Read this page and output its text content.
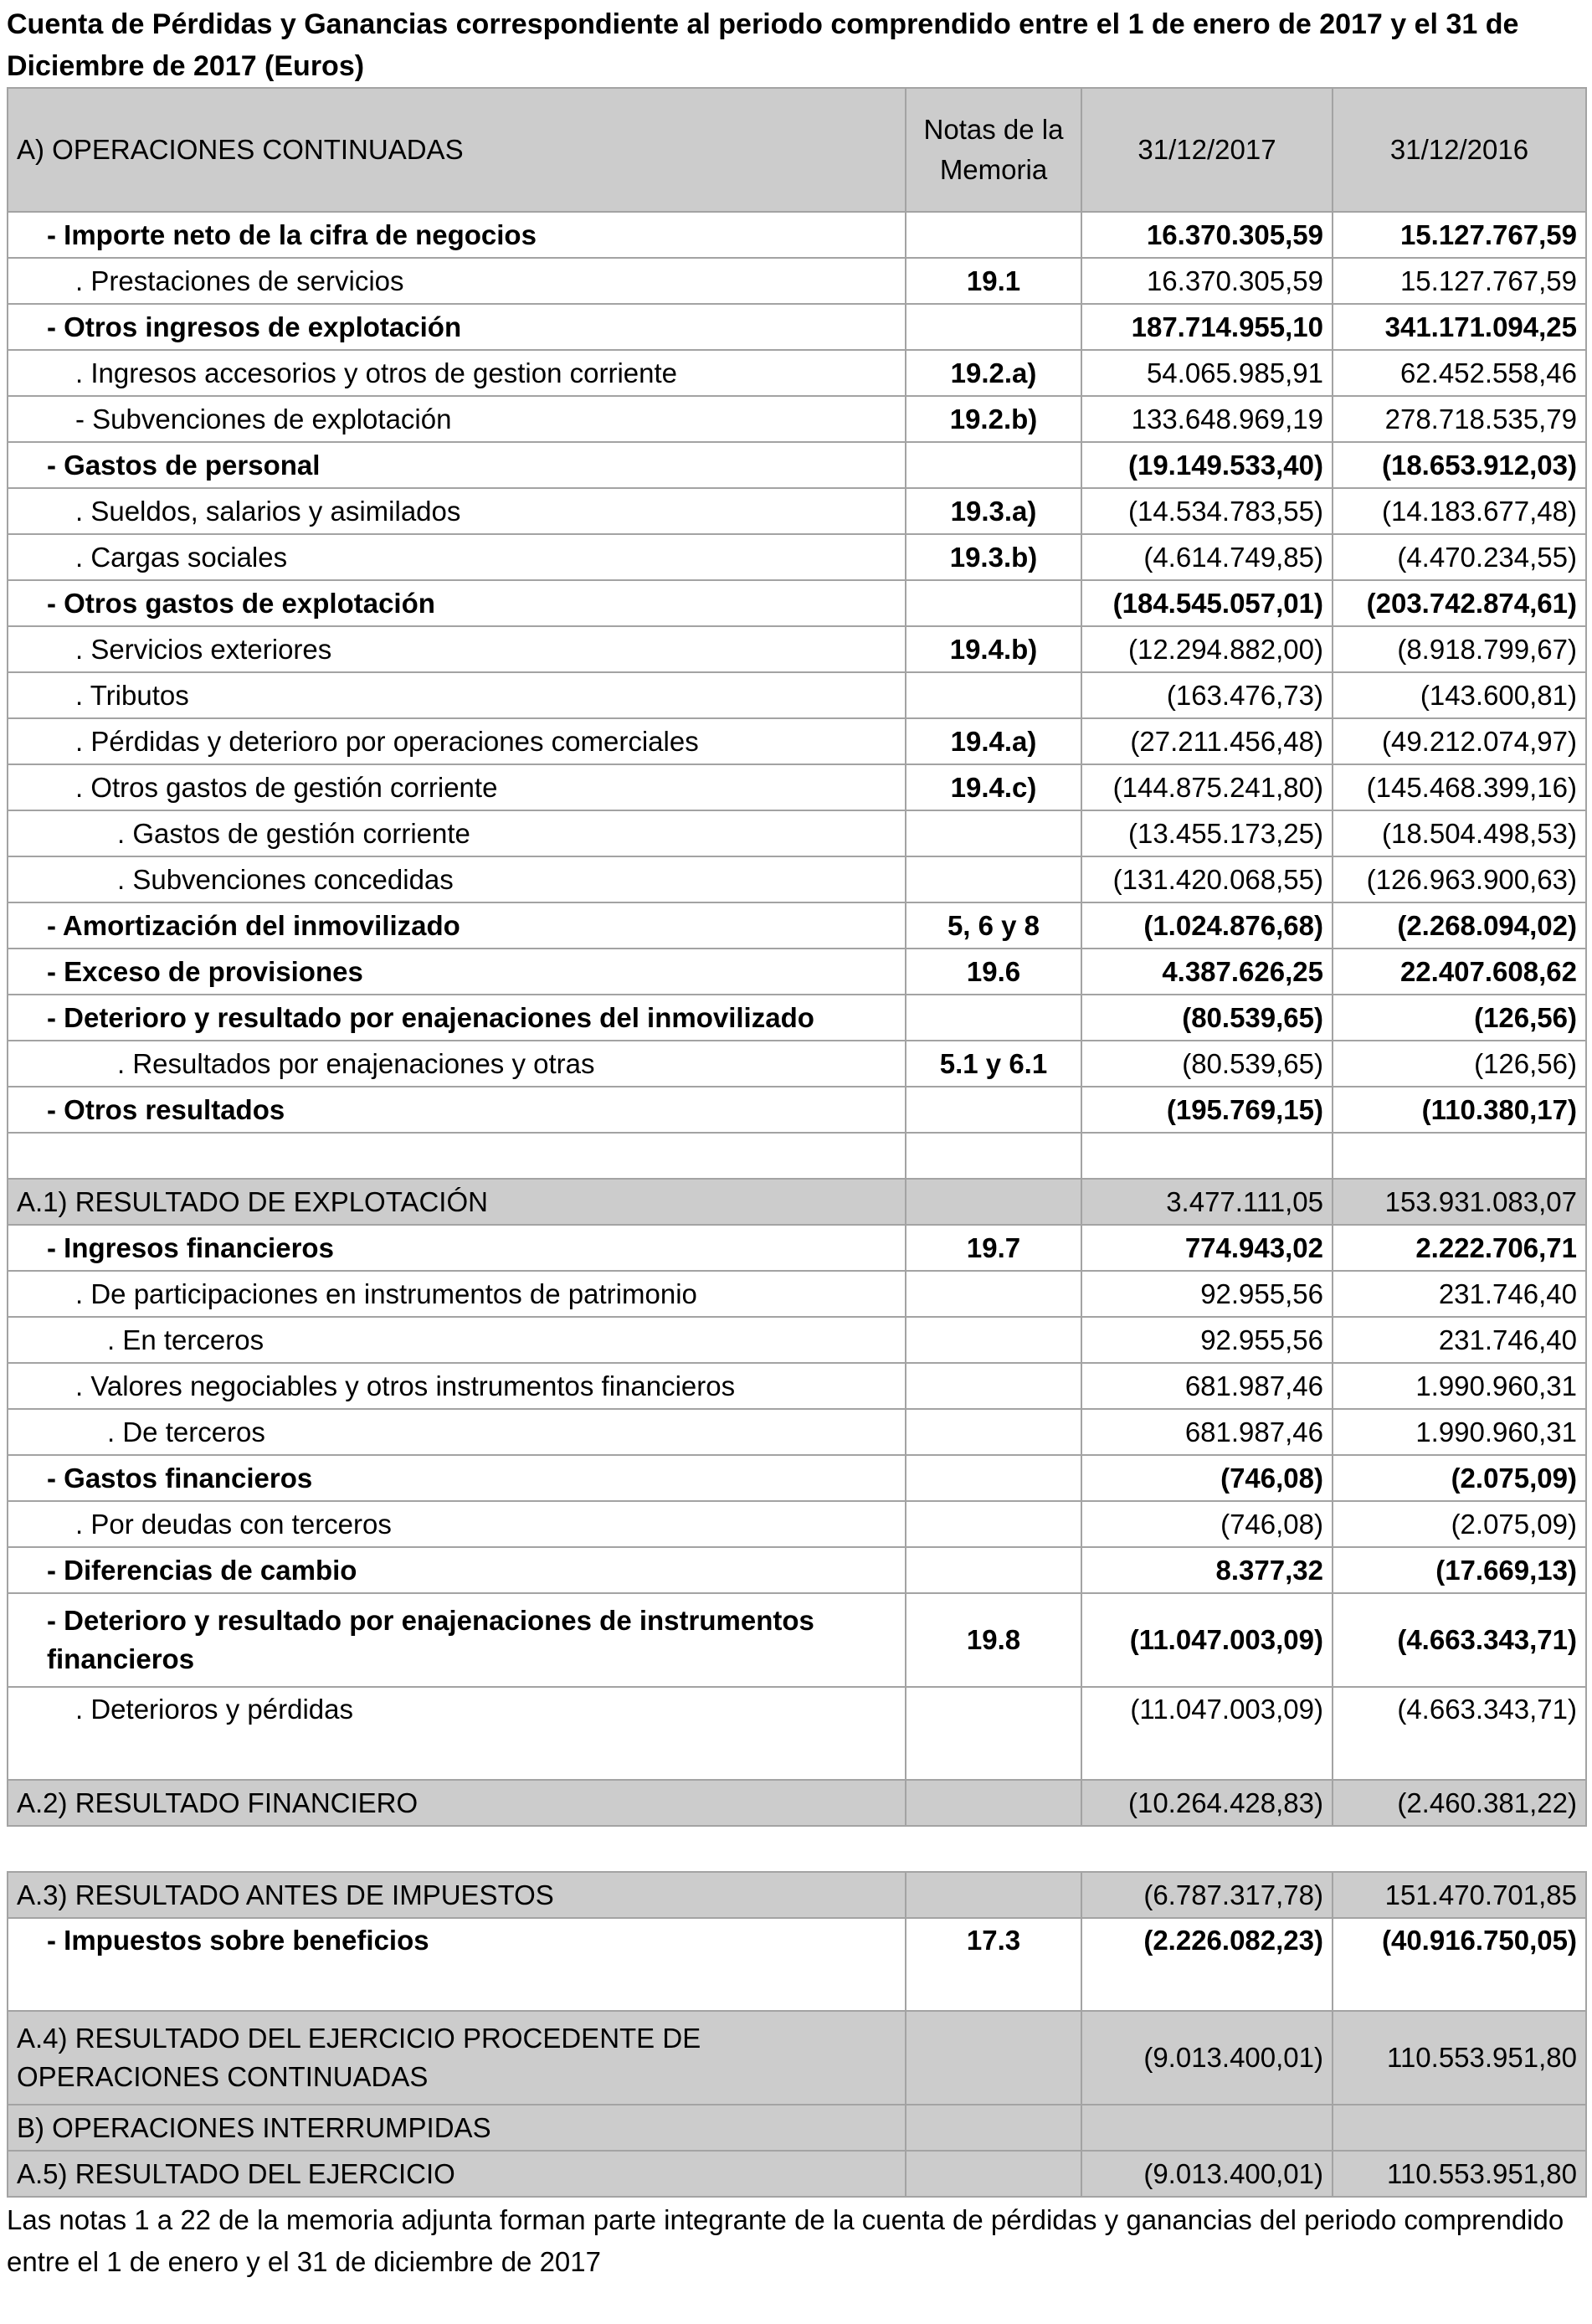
Cuenta de Pérdidas y Ganancias correspondiente al periodo comprendido entre el 1 de enero de 2017 y el 31 de Diciembre de 2017 (Euros)

A) OPERACIONES CONTINUADAS	Notas de la Memoria	31/12/2017	31/12/2016
- Importe neto de la cifra de negocios		16.370.305,59	15.127.767,59
. Prestaciones de servicios	19.1	16.370.305,59	15.127.767,59
- Otros ingresos de explotación		187.714.955,10	341.171.094,25
. Ingresos accesorios y otros de gestion corriente	19.2.a)	54.065.985,91	62.452.558,46
- Subvenciones de explotación	19.2.b)	133.648.969,19	278.718.535,79
- Gastos de personal		(19.149.533,40)	(18.653.912,03)
. Sueldos, salarios y asimilados	19.3.a)	(14.534.783,55)	(14.183.677,48)
. Cargas sociales	19.3.b)	(4.614.749,85)	(4.470.234,55)
- Otros gastos de explotación		(184.545.057,01)	(203.742.874,61)
. Servicios exteriores	19.4.b)	(12.294.882,00)	(8.918.799,67)
. Tributos		(163.476,73)	(143.600,81)
. Pérdidas y deterioro por operaciones comerciales	19.4.a)	(27.211.456,48)	(49.212.074,97)
. Otros gastos de gestión corriente	19.4.c)	(144.875.241,80)	(145.468.399,16)
. Gastos de gestión corriente		(13.455.173,25)	(18.504.498,53)
. Subvenciones concedidas		(131.420.068,55)	(126.963.900,63)
- Amortización del inmovilizado	5, 6 y 8	(1.024.876,68)	(2.268.094,02)
- Exceso de provisiones	19.6	4.387.626,25	22.407.608,62
- Deterioro y resultado por enajenaciones del inmovilizado		(80.539,65)	(126,56)
. Resultados por enajenaciones y otras	5.1 y 6.1	(80.539,65)	(126,56)
- Otros resultados		(195.769,15)	(110.380,17)

A.1) RESULTADO DE EXPLOTACIÓN		3.477.111,05	153.931.083,07
- Ingresos financieros	19.7	774.943,02	2.222.706,71
. De participaciones en instrumentos de patrimonio		92.955,56	231.746,40
. En terceros		92.955,56	231.746,40
. Valores negociables y otros instrumentos financieros		681.987,46	1.990.960,31
. De terceros		681.987,46	1.990.960,31
- Gastos financieros		(746,08)	(2.075,09)
. Por deudas con terceros		(746,08)	(2.075,09)
- Diferencias de cambio		8.377,32	(17.669,13)
- Deterioro y resultado por enajenaciones de instrumentos financieros	19.8	(11.047.003,09)	(4.663.343,71)
. Deterioros y pérdidas		(11.047.003,09)	(4.663.343,71)
A.2) RESULTADO FINANCIERO		(10.264.428,83)	(2.460.381,22)

A.3) RESULTADO ANTES DE IMPUESTOS		(6.787.317,78)	151.470.701,85
- Impuestos sobre beneficios	17.3	(2.226.082,23)	(40.916.750,05)
A.4) RESULTADO DEL EJERCICIO PROCEDENTE DE OPERACIONES CONTINUADAS		(9.013.400,01)	110.553.951,80
B) OPERACIONES INTERRUMPIDAS			
A.5) RESULTADO DEL EJERCICIO		(9.013.400,01)	110.553.951,80

Las notas 1 a 22 de la memoria adjunta forman parte integrante de la cuenta de pérdidas y ganancias del periodo comprendido entre el 1 de enero y el 31 de diciembre de 2017
